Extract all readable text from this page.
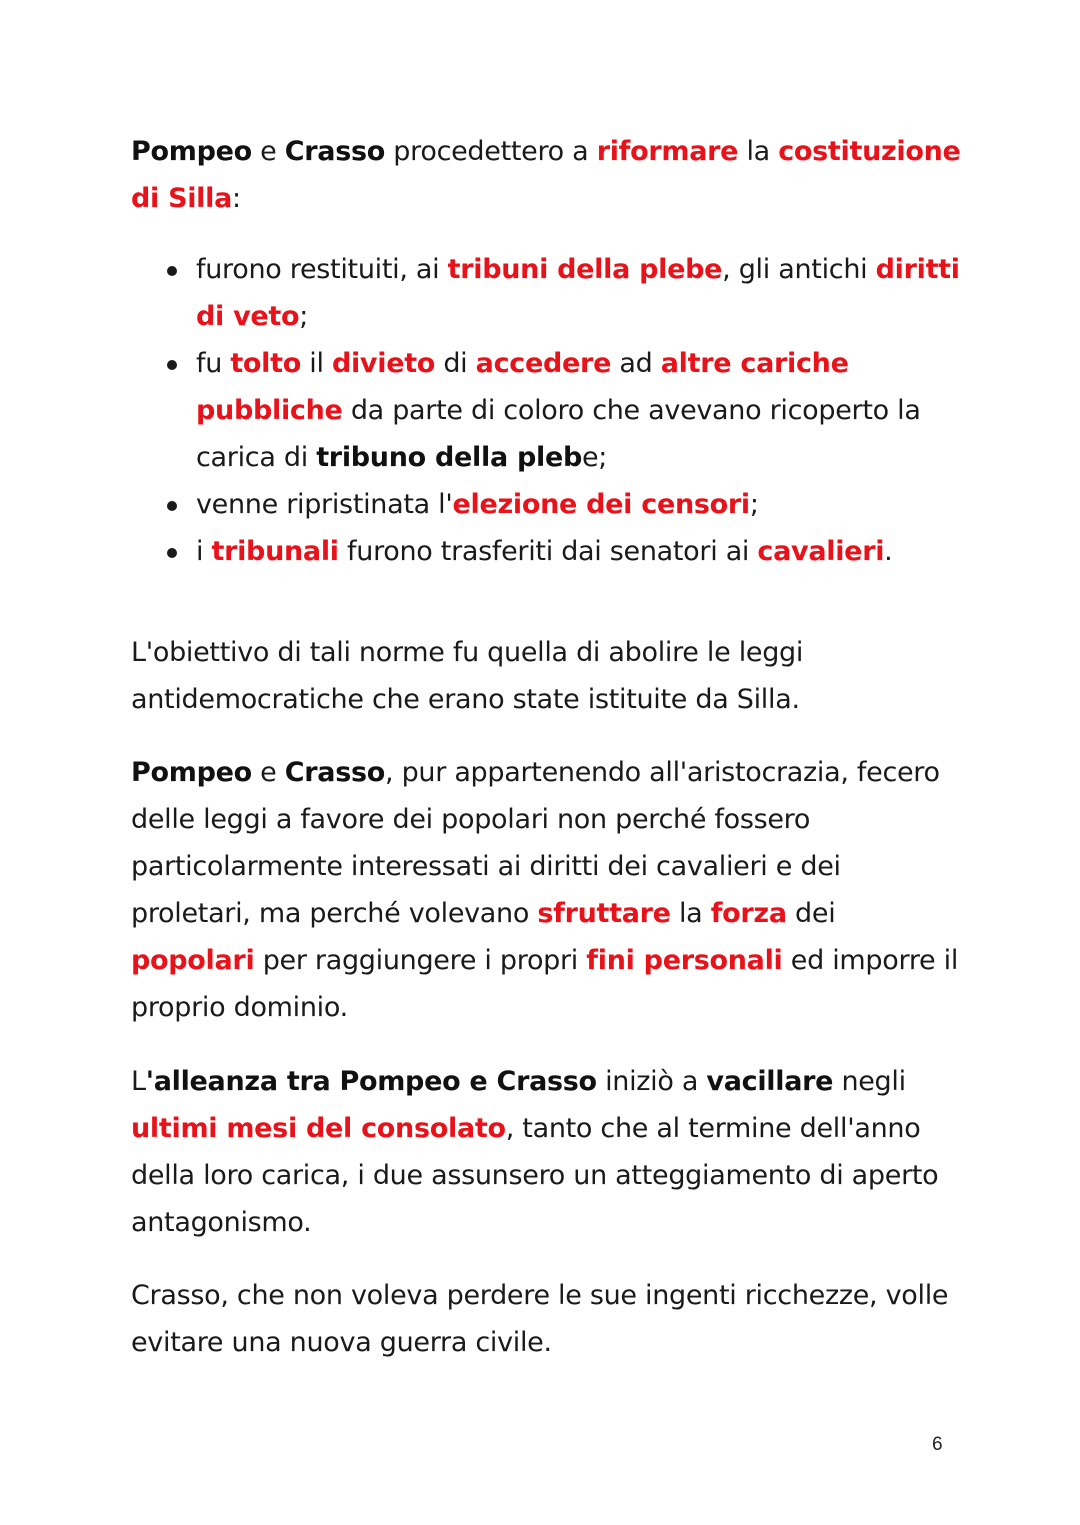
Pompeo e Crasso procedettero a riformare la costituzione di Silla:

furono restituiti, ai tribuni della plebe, gli antichi diritti di veto;
fu tolto il divieto di accedere ad altre cariche pubbliche da parte di coloro che avevano ricoperto la carica di tribuno della plebe;
venne ripristinata l'elezione dei censori;
i tribunali furono trasferiti dai senatori ai cavalieri.

L'obiettivo di tali norme fu quella di abolire le leggi antidemocratiche che erano state istituite da Silla.

Pompeo e Crasso, pur appartenendo all'aristocrazia, fecero delle leggi a favore dei popolari non perché fossero particolarmente interessati ai diritti dei cavalieri e dei proletari, ma perché volevano sfruttare la forza dei popolari per raggiungere i propri fini personali ed imporre il proprio dominio.

L'alleanza tra Pompeo e Crasso iniziò a vacillare negli ultimi mesi del consolato, tanto che al termine dell'anno della loro carica, i due assunsero un atteggiamento di aperto antagonismo.

Crasso, che non voleva perdere le sue ingenti ricchezze, volle evitare una nuova guerra civile.

6
